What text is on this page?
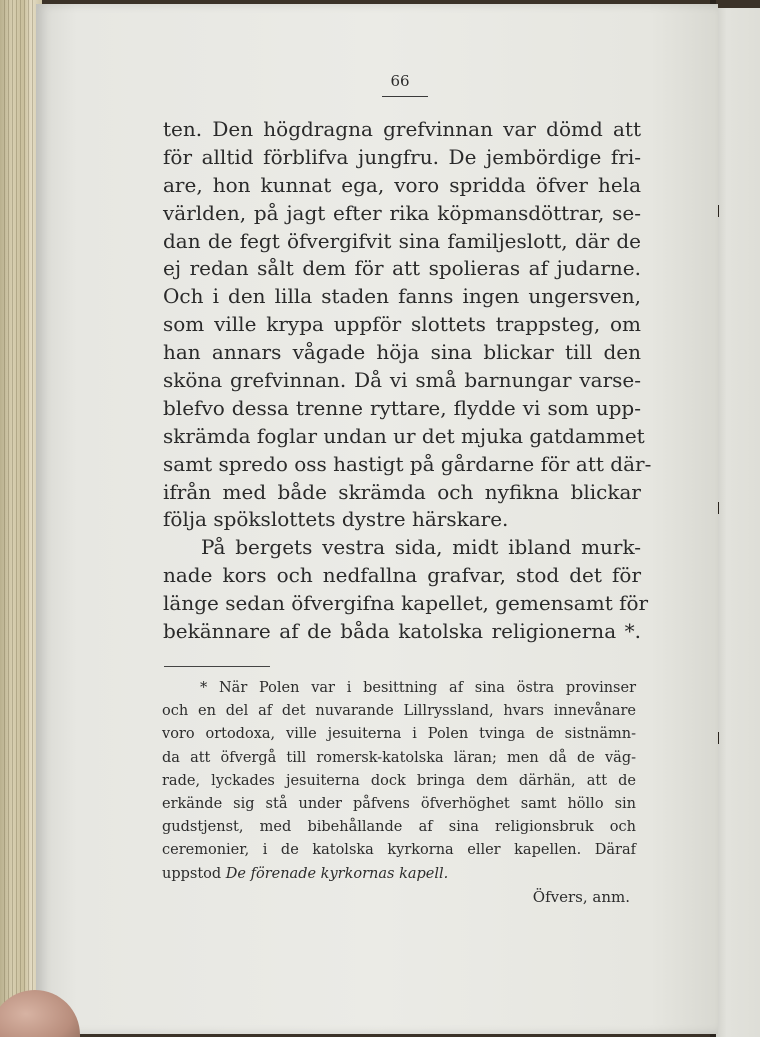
66
ten. Den högdragna grefvinnan var dömd att
för alltid förblifva jungfru. De jembördige fri-
are, hon kunnat ega, voro spridda öfver hela
världen, på jagt efter rika köpmansdöttrar, se-
dan de fegt öfvergifvit sina familjeslott, där de
ej redan sålt dem för att spolieras af judarne.
Och i den lilla staden fanns ingen ungersven,
som ville krypa uppför slottets trappsteg, om
han annars vågade höja sina blickar till den
sköna grefvinnan. Då vi små barnungar varse-
blefvo dessa trenne ryttare, flydde vi som upp-
skrämda foglar undan ur det mjuka gatdammet
samt spredo oss hastigt på gårdarne för att där-
ifrån med både skrämda och nyfikna blickar
följa spökslottets dystre härskare.
På bergets vestra sida, midt ibland murk-
nade kors och nedfallna grafvar, stod det för
länge sedan öfvergifna kapellet, gemensamt för
bekännare af de båda katolska religionerna *.
* När Polen var i besittning af sina östra provinser
och en del af det nuvarande Lillryssland, hvars innevånare
voro ortodoxa, ville jesuiterna i Polen tvinga de sistnämn-
da att öfvergå till romersk-katolska läran; men då de väg-
rade, lyckades jesuiterna dock bringa dem därhän, att de
erkände sig stå under påfvens öfverhöghet samt höllo sin
gudstjenst, med bibehållande af sina religionsbruk och
ceremonier, i de katolska kyrkorna eller kapellen. Däraf
uppstod De förenade kyrkornas kapell.
Öfvers, anm.
